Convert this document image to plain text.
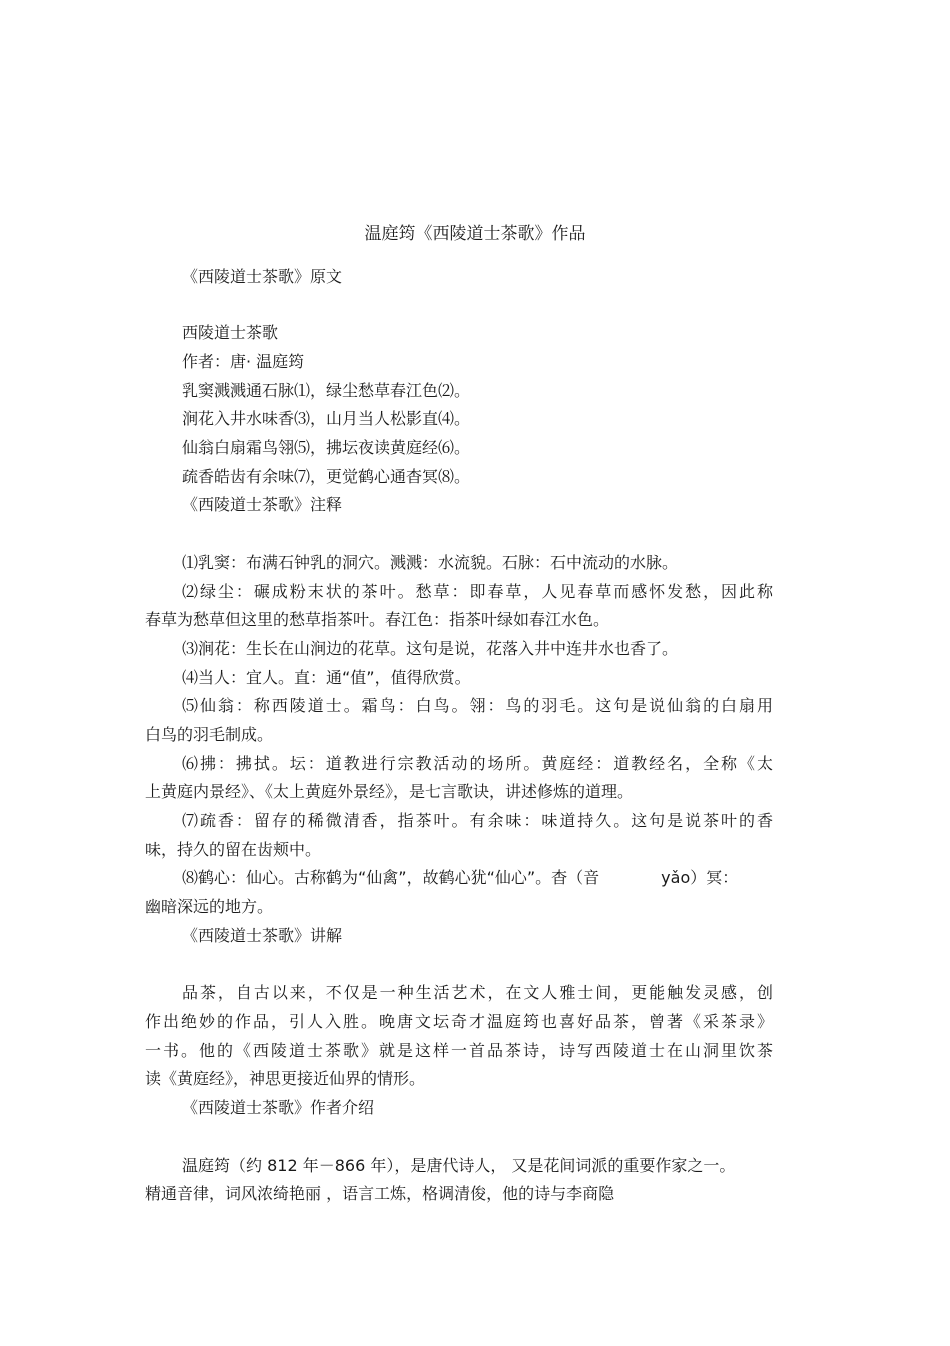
温庭筠《西陵道士茶歌》作品
《西陵道士茶歌》原文
西陵道士茶歌
作者：唐· 温庭筠
乳窦溅溅通石脉⑴，绿尘愁草春江色⑵。
涧花入井水味香⑶，山月当人松影直⑷。
仙翁白扇霜鸟翎⑸，拂坛夜读黄庭经⑹。
疏香皓齿有余味⑺，更觉鹤心通杳冥⑻。
《西陵道士茶歌》注释
⑴乳窦：布满石钟乳的洞穴。溅溅：水流貌。石脉：石中流动的水脉。
⑵绿尘：碾成粉末状的茶叶。愁草：即春草，人见春草而感怀发愁，因此称
春草为愁草但这里的愁草指茶叶。春江色：指茶叶绿如春江水色。
⑶涧花：生长在山涧边的花草。这句是说，花落入井中连井水也香了。
⑷当人：宜人。直：通“值”，值得欣赏。
⑸仙翁：称西陵道士。霜鸟：白鸟。翎：鸟的羽毛。这句是说仙翁的白扇用
白鸟的羽毛制成。
⑹拂：拂拭。坛：道教进行宗教活动的场所。黄庭经：道教经名，全称《太
上黄庭内景经》、《太上黄庭外景经》，是七言歌诀，讲述修炼的道理。
⑺疏香：留存的稀微清香，指茶叶。有余味：味道持久。这句是说茶叶的香
味，持久的留在齿颊中。
⑻鹤心：仙心。古称鹤为“仙禽”，故鹤心犹“仙心”。杳（音	yǎo）冥：
幽暗深远的地方。
《西陵道士茶歌》讲解
品茶，自古以来，不仅是一种生活艺术，在文人雅士间，更能触发灵感，创
作出绝妙的作品，引人入胜。晚唐文坛奇才温庭筠也喜好品茶，曾著《采茶录》
一书。他的《西陵道士茶歌》就是这样一首品茶诗，诗写西陵道士在山洞里饮茶
读《黄庭经》，神思更接近仙界的情形。
《西陵道士茶歌》作者介绍
温庭筠（约 812 年－866 年），是唐代诗人， 又是花间词派的重要作家之一。
精通音律，词风浓绮艳丽 ，语言工炼，格调清俊，他的诗与李商隐
